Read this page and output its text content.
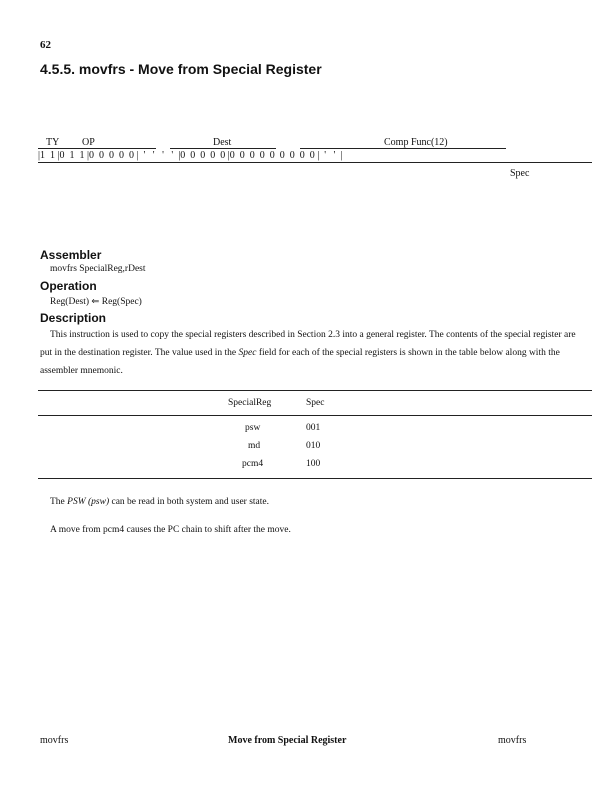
62
4.5.5. movfrs - Move from Special Register
TY OP	Dest	Comp Func(12)
|1  1 |0  1  1 |0  0  0  0  0 |  '   '   '   '  |0  0  0  0  0 |0  0  0  0  0  0  0  0  0 |  '   '  |
Spec
Assembler
movfrs SpecialReg,rDest
Operation
Reg(Dest) ⇐ Reg(Spec)
Description

This instruction is used to copy the special registers described in Section 2.3 into a general register. The contents of the special register are put in the destination register. The value used in the Spec field for each of the special registers is shown in the table below along with the assembler mnemonic.

SpecialReg	Spec
psw	001
md	010
pcm4	100
The PSW (psw) can be read in both system and user state.
A move from pcm4 causes the PC chain to shift after the move.
movfrs	Move from Special Register	movfrs
